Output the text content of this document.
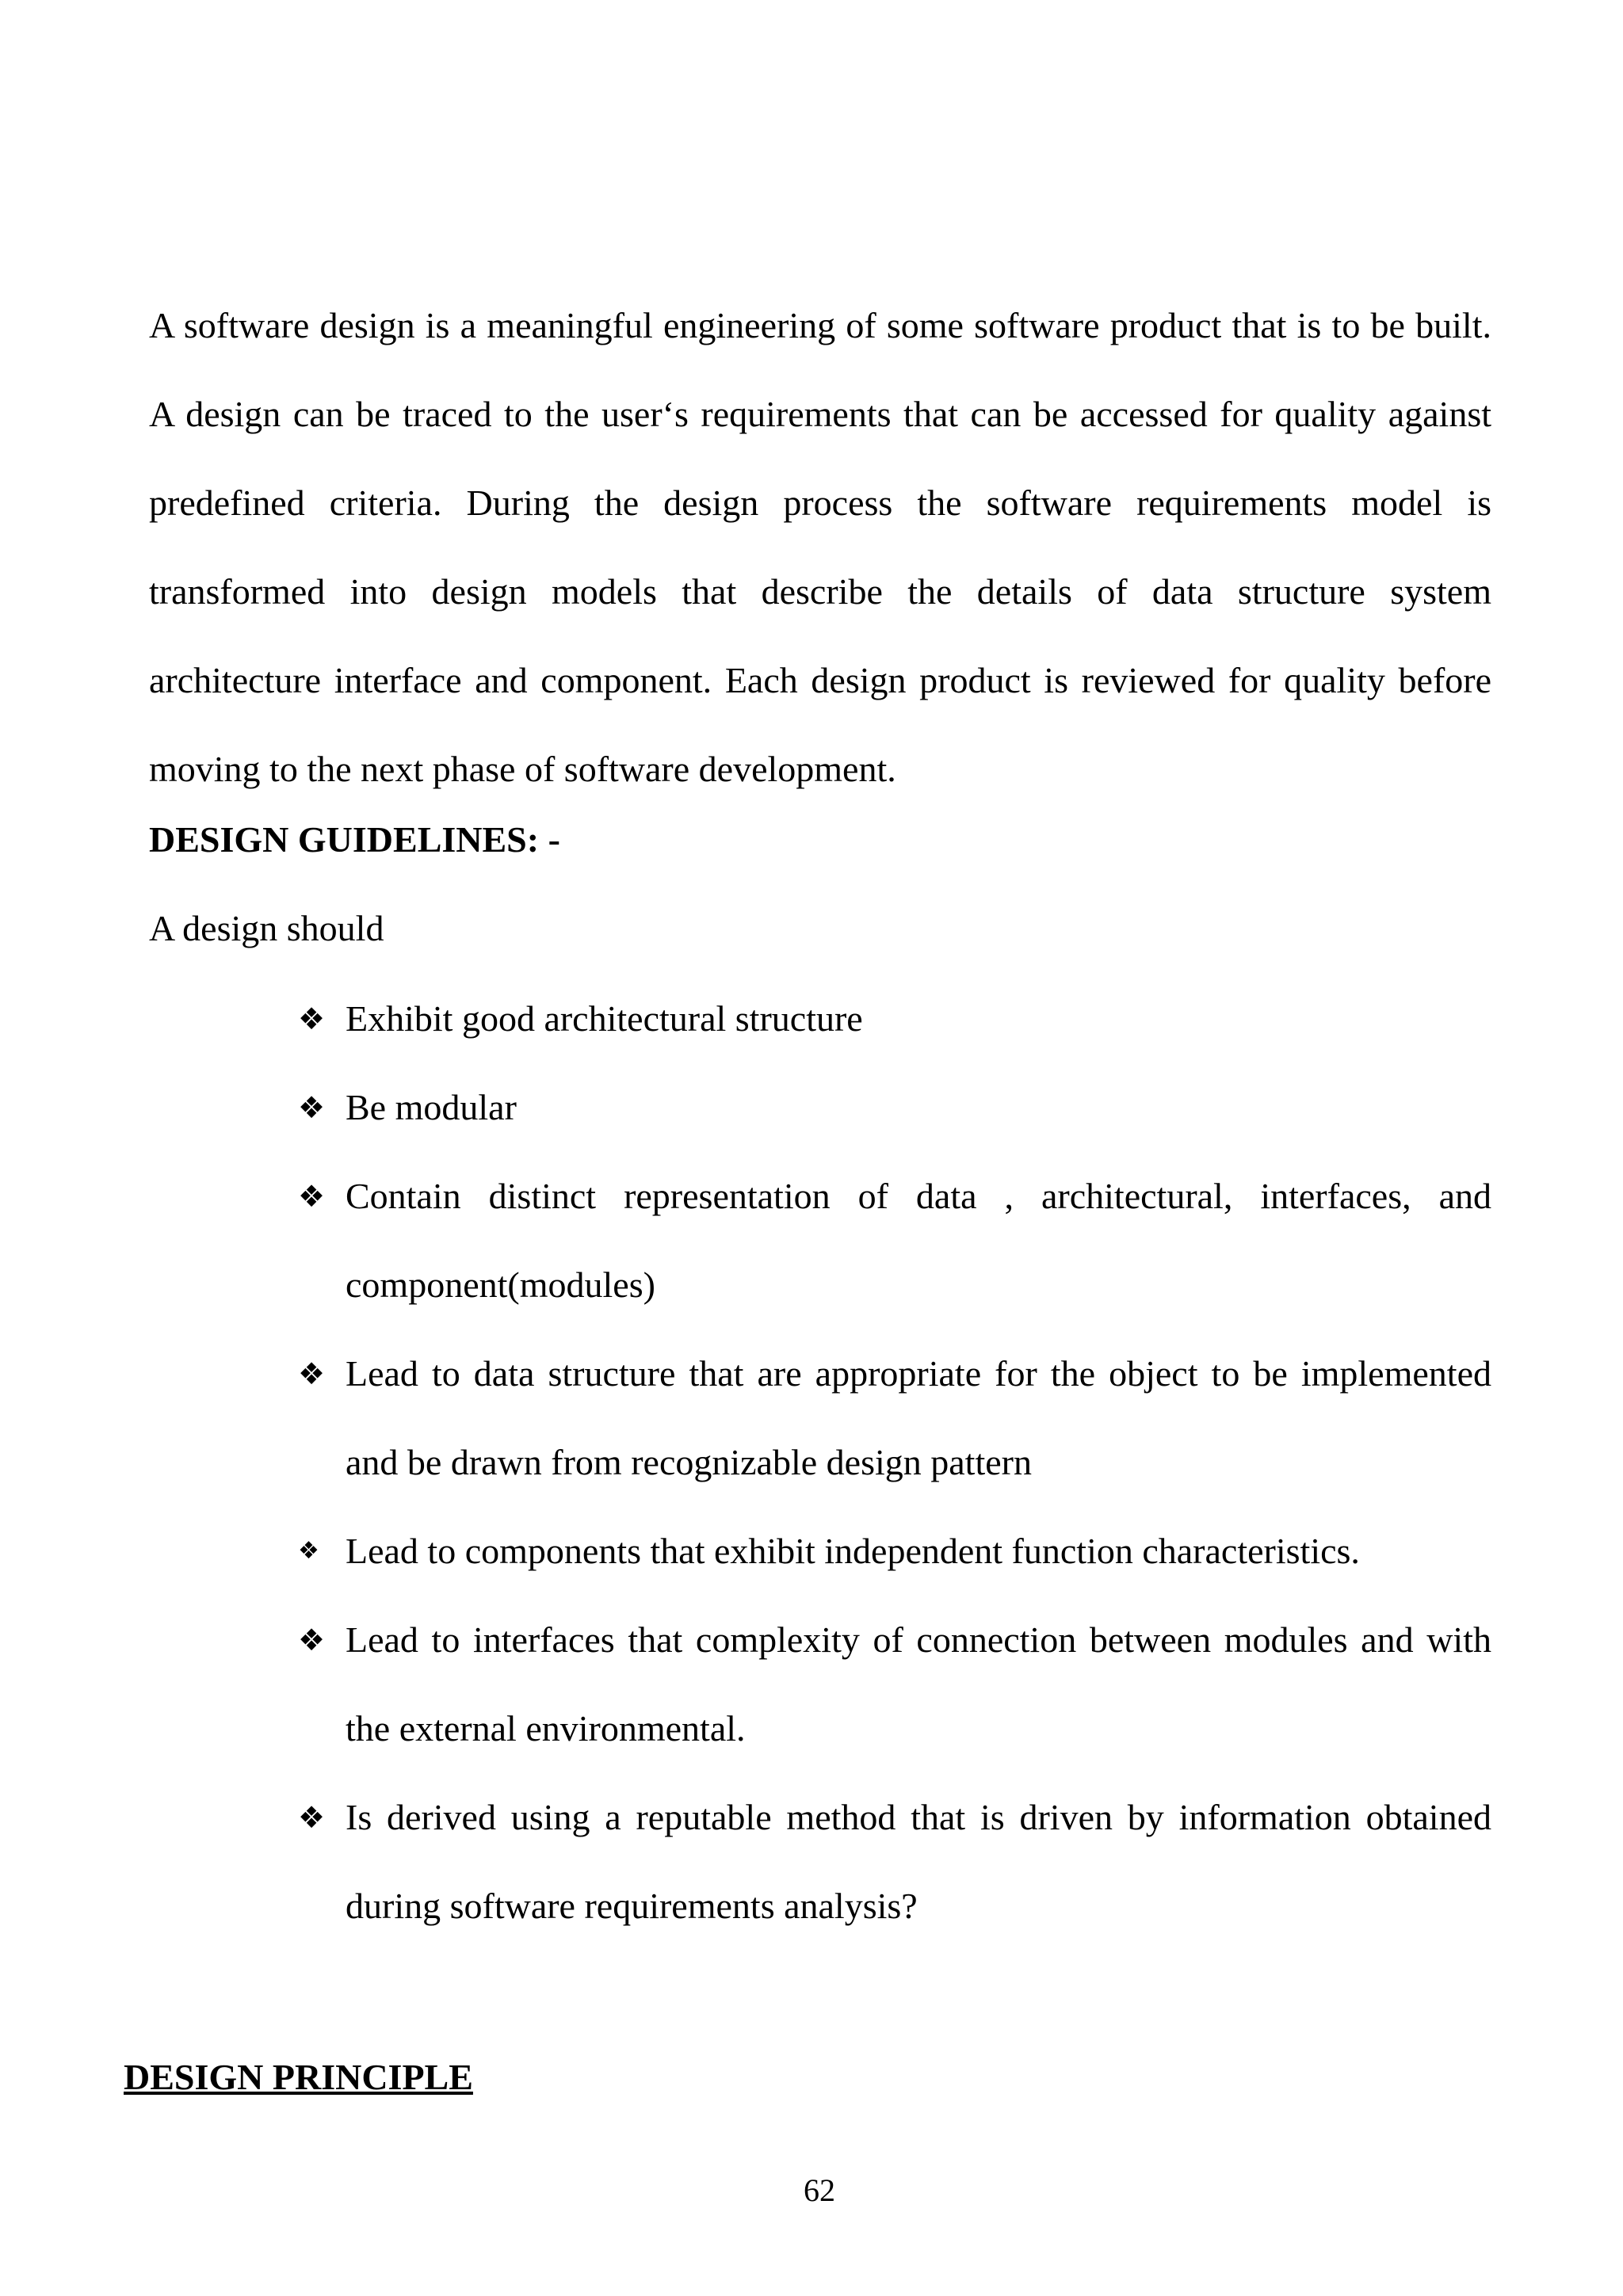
A software design is a meaningful engineering of some software product that is to be built. A design can be traced to the user‘s requirements that can be accessed for quality against predefined criteria. During the design process the software requirements model is transformed into design models that describe the details of data structure system architecture interface and component. Each design product is reviewed for quality before moving to the next phase of software development.

DESIGN GUIDELINES: -

A design should

❖ Exhibit good architectural structure
❖ Be modular
❖ Contain distinct representation of data , architectural, interfaces, and component(modules)
❖ Lead to data structure that are appropriate for the object to be implemented and be drawn from recognizable design pattern
❖ Lead to components that exhibit independent function characteristics.
❖ Lead to interfaces that complexity of connection between modules and with the external environmental.
❖ Is derived using a reputable method that is driven by information obtained during software requirements analysis?

DESIGN PRINCIPLE

62
